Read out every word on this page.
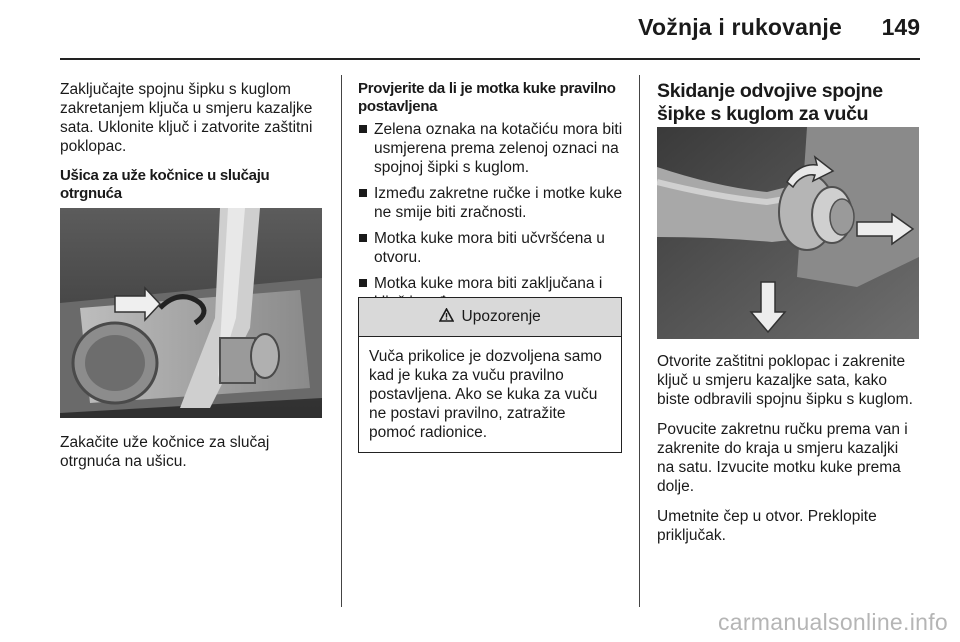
Vožnja i rukovanje 149

Zaključajte spojnu šipku s kuglom zakretanjem ključa u smjeru kazaljke sata. Uklonite ključ i zatvorite zaštitni poklopac.

Ušica za uže kočnice u slučaju otrgnuća

Zakačite uže kočnice za slučaj otrgnuća na ušicu.

Provjerite da li je motka kuke pravilno postavljena
Zelena oznaka na kotačiću mora biti usmjerena prema zelenoj oznaci na spojnoj šipki s kuglom.
Između zakretne ručke i motke kuke ne smije biti zračnosti.
Motka kuke mora biti učvršćena u otvoru.
Motka kuke mora biti zaključana i
Upozorenje
Vuča prikolice je dozvoljena samo kad je kuka za vuču pravilno postavljena. Ako se kuka za vuču ne postavi pravilno, zatražite pomoć radionice.
Skidanje odvojive spojne šipke s kuglom za vuču

Otvorite zaštitni poklopac i zakrenite ključ u smjeru kazaljke sata, kako biste odbravili spojnu šipku s kuglom.

Povucite zakretnu ručku prema van i zakrenite do kraja u smjeru kazaljki na satu. Izvucite motku kuke prema dolje.

Umetnite čep u otvor. Preklopite priključak.

carmanualsonline.info
